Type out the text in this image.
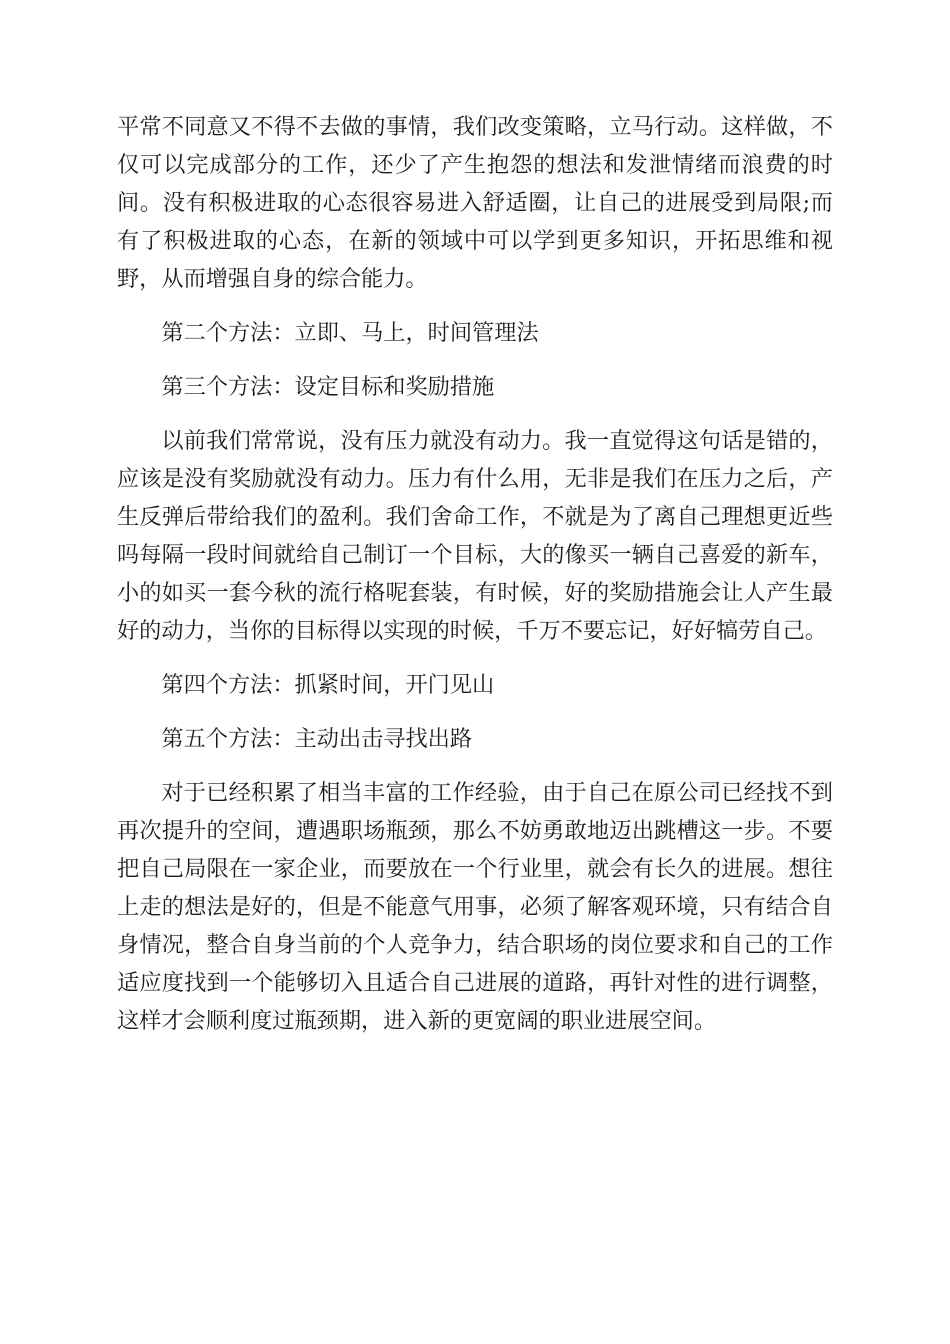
平常不同意又不得不去做的事情，我们改变策略，立马行动。这样做，不仅可以完成部分的工作，还少了产生抱怨的想法和发泄情绪而浪费的时间。没有积极进取的心态很容易进入舒适圈，让自己的进展受到局限;而有了积极进取的心态，在新的领域中可以学到更多知识，开拓思维和视野，从而增强自身的综合能力。

第二个方法：立即、马上，时间管理法

第三个方法：设定目标和奖励措施

以前我们常常说，没有压力就没有动力。我一直觉得这句话是错的，应该是没有奖励就没有动力。压力有什么用，无非是我们在压力之后，产生反弹后带给我们的盈利。我们舍命工作，不就是为了离自己理想更近些吗每隔一段时间就给自己制订一个目标，大的像买一辆自己喜爱的新车，小的如买一套今秋的流行格呢套装，有时候，好的奖励措施会让人产生最好的动力，当你的目标得以实现的时候，千万不要忘记，好好犒劳自己。

第四个方法：抓紧时间，开门见山

第五个方法：主动出击寻找出路

对于已经积累了相当丰富的工作经验，由于自己在原公司已经找不到再次提升的空间，遭遇职场瓶颈，那么不妨勇敢地迈出跳槽这一步。不要把自己局限在一家企业，而要放在一个行业里，就会有长久的进展。想往上走的想法是好的，但是不能意气用事，必须了解客观环境，只有结合自身情况，整合自身当前的个人竞争力，结合职场的岗位要求和自己的工作适应度找到一个能够切入且适合自己进展的道路，再针对性的进行调整，这样才会顺利度过瓶颈期，进入新的更宽阔的职业进展空间。
